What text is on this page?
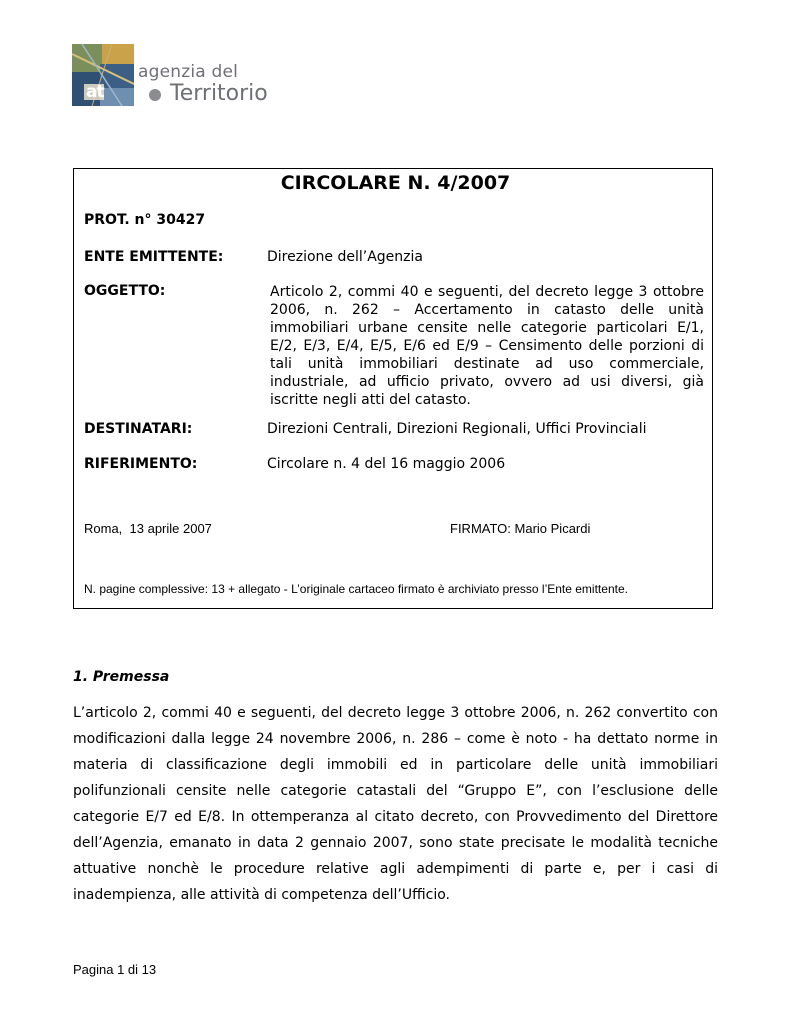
at
agenzia del
Territorio
CIRCOLARE N. 4/2007
PROT. n° 30427
ENTE EMITTENTE:	Direzione dell’Agenzia
OGGETTO:	Articolo 2, commi 40 e seguenti, del decreto legge 3 ottobre 2006, n. 262 – Accertamento in catasto delle unità immobiliari urbane censite nelle categorie particolari E/1, E/2, E/3, E/4, E/5, E/6 ed E/9 – Censimento delle porzioni di tali unità immobiliari destinate ad uso commerciale, industriale, ad ufficio privato, ovvero ad usi diversi, già iscritte negli atti del catasto.
DESTINATARI:	Direzioni Centrali, Direzioni Regionali, Uffici Provinciali
RIFERIMENTO:	Circolare n. 4 del 16 maggio 2006
Roma,  13 aprile 2007	FIRMATO: Mario Picardi
N. pagine complessive: 13 + allegato - L’originale cartaceo firmato è archiviato presso l’Ente emittente.
1. Premessa
L’articolo 2, commi 40 e seguenti, del decreto legge 3 ottobre 2006, n. 262 convertito con modificazioni dalla legge 24 novembre 2006, n. 286 – come è noto - ha dettato norme in materia di classificazione degli immobili ed in particolare delle unità immobiliari polifunzionali censite nelle categorie catastali del “Gruppo E”, con l’esclusione delle categorie E/7 ed E/8. In ottemperanza al citato decreto, con Provvedimento del Direttore dell’Agenzia, emanato in data 2 gennaio 2007, sono state precisate le modalità tecniche attuative nonchè le procedure relative agli adempimenti di parte e, per i casi di inadempienza, alle attività di competenza dell’Ufficio.
Pagina 1 di 13
